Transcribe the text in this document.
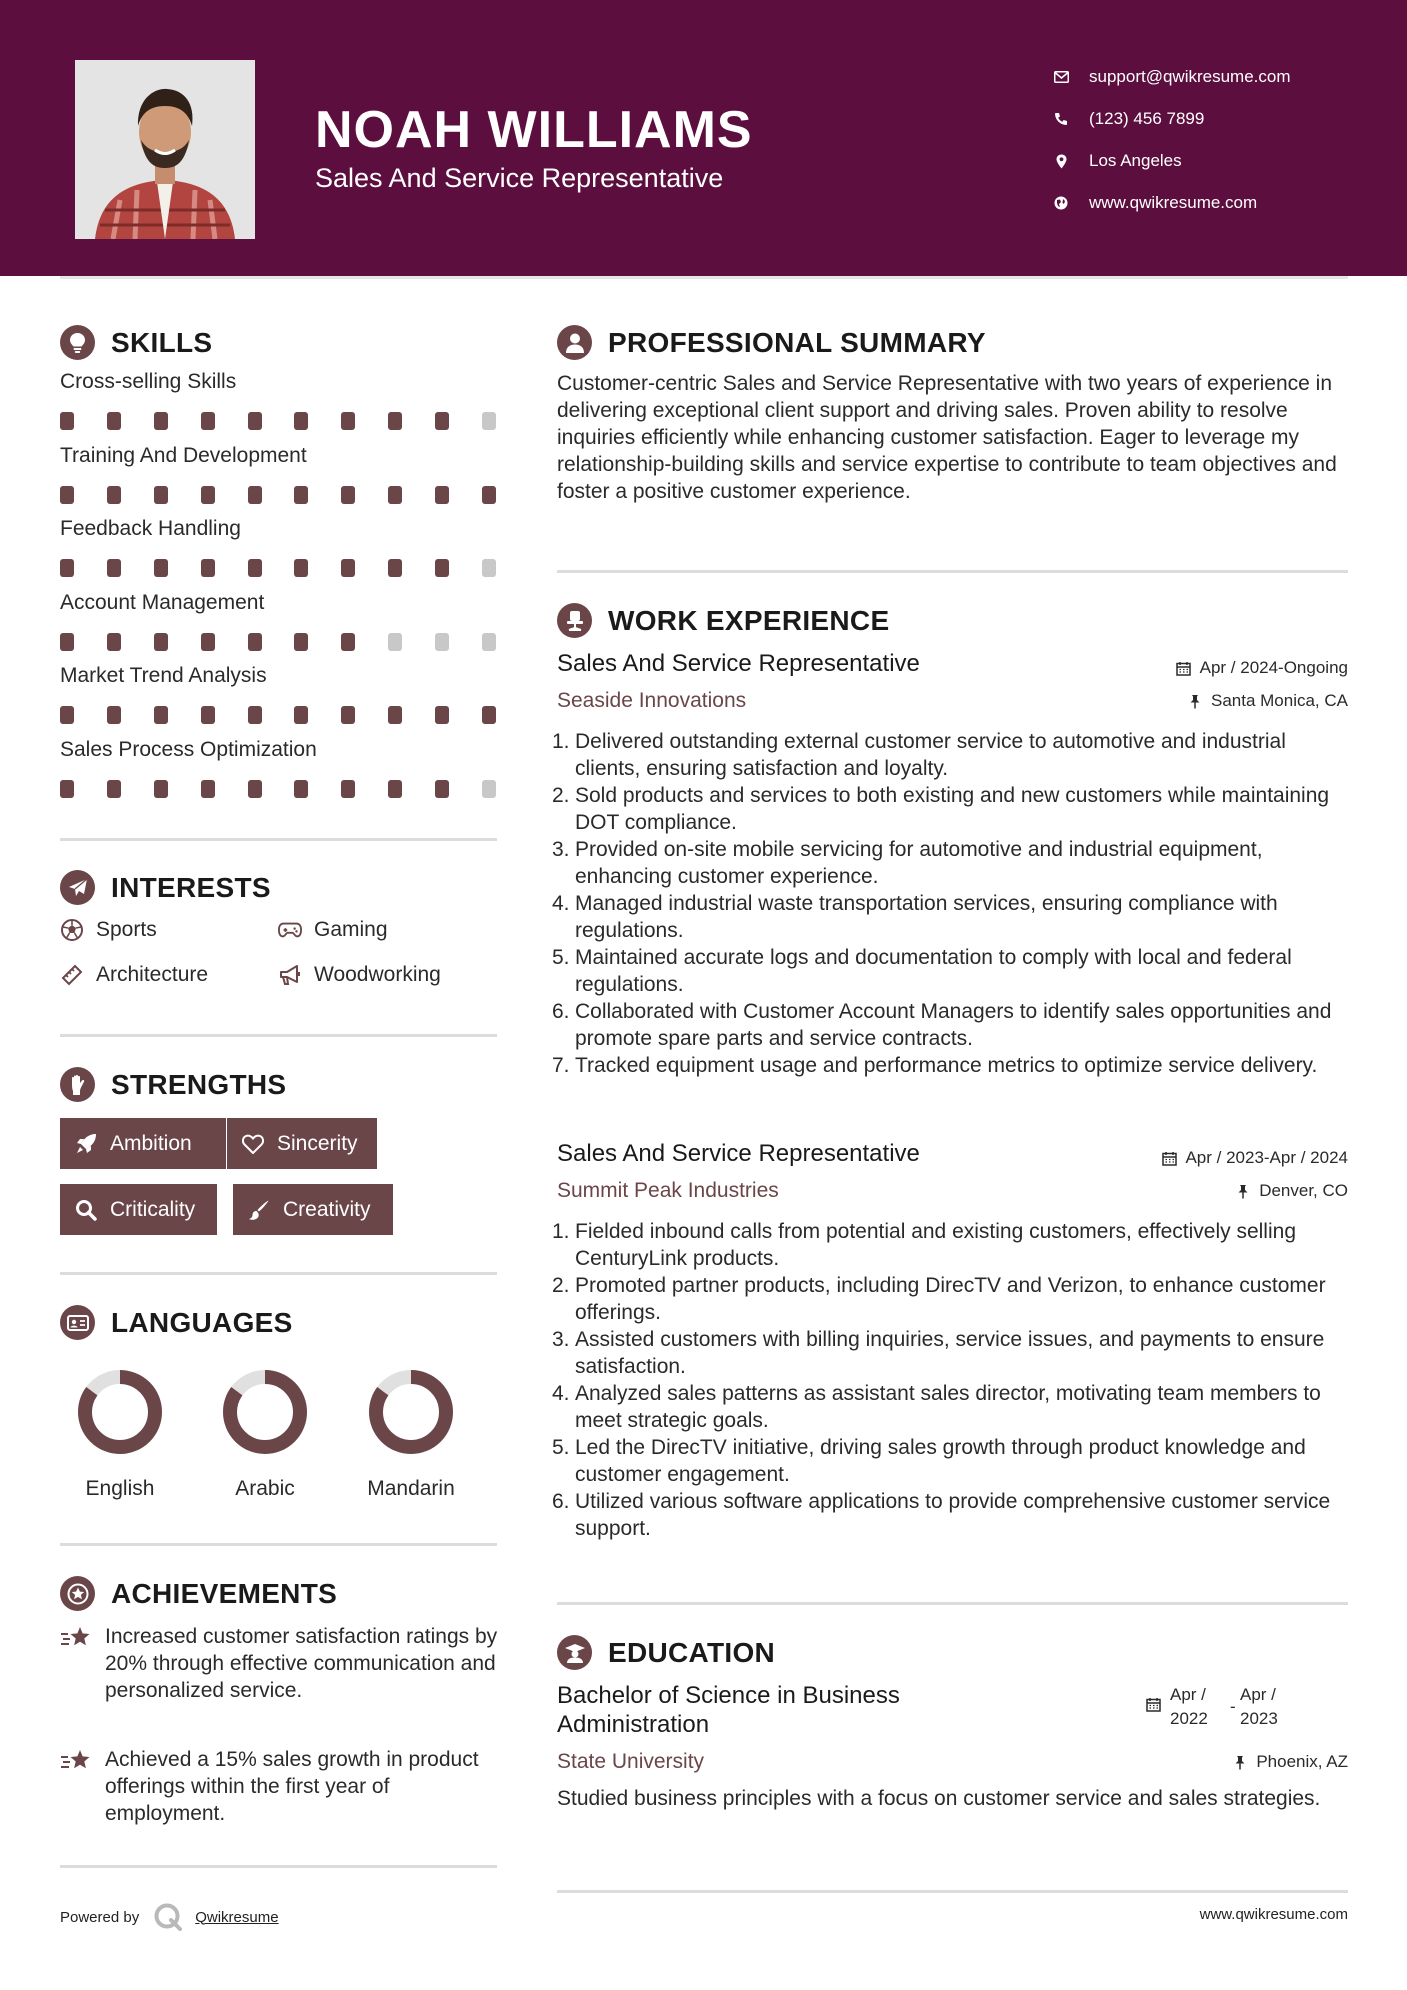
NOAH WILLIAMS
Sales And Service Representative
support@qwikresume.com
(123) 456 7899
Los Angeles
www.qwikresume.com
SKILLS
Cross-selling Skills
Training And Development
Feedback Handling
Account Management
Market Trend Analysis
Sales Process Optimization
INTERESTS
Sports	Gaming
Architecture	Woodworking
STRENGTHS
Ambition	Sincerity
Criticality	Creativity
LANGUAGES
English	Arabic	Mandarin
ACHIEVEMENTS
Increased customer satisfaction ratings by 20% through effective communication and personalized service.
Achieved a 15% sales growth in product offerings within the first year of employment.
PROFESSIONAL SUMMARY
Customer-centric Sales and Service Representative with two years of experience in delivering exceptional client support and driving sales. Proven ability to resolve inquiries efficiently while enhancing customer satisfaction. Eager to leverage my relationship-building skills and service expertise to contribute to team objectives and foster a positive customer experience.
WORK EXPERIENCE
Sales And Service Representative	Apr / 2024-Ongoing
Seaside Innovations	Santa Monica, CA
1. Delivered outstanding external customer service to automotive and industrial clients, ensuring satisfaction and loyalty.
2. Sold products and services to both existing and new customers while maintaining DOT compliance.
3. Provided on-site mobile servicing for automotive and industrial equipment, enhancing customer experience.
4. Managed industrial waste transportation services, ensuring compliance with regulations.
5. Maintained accurate logs and documentation to comply with local and federal regulations.
6. Collaborated with Customer Account Managers to identify sales opportunities and promote spare parts and service contracts.
7. Tracked equipment usage and performance metrics to optimize service delivery.
Sales And Service Representative	Apr / 2023-Apr / 2024
Summit Peak Industries	Denver, CO
1. Fielded inbound calls from potential and existing customers, effectively selling CenturyLink products.
2. Promoted partner products, including DirecTV and Verizon, to enhance customer offerings.
3. Assisted customers with billing inquiries, service issues, and payments to ensure satisfaction.
4. Analyzed sales patterns as assistant sales director, motivating team members to meet strategic goals.
5. Led the DirecTV initiative, driving sales growth through product knowledge and customer engagement.
6. Utilized various software applications to provide comprehensive customer service support.
EDUCATION
Bachelor of Science in Business
Administration
Apr /
2022
-
Apr /
2023
State University	Phoenix, AZ
Studied business principles with a focus on customer service and sales strategies.
Powered by	Qwikresume	www.qwikresume.com
